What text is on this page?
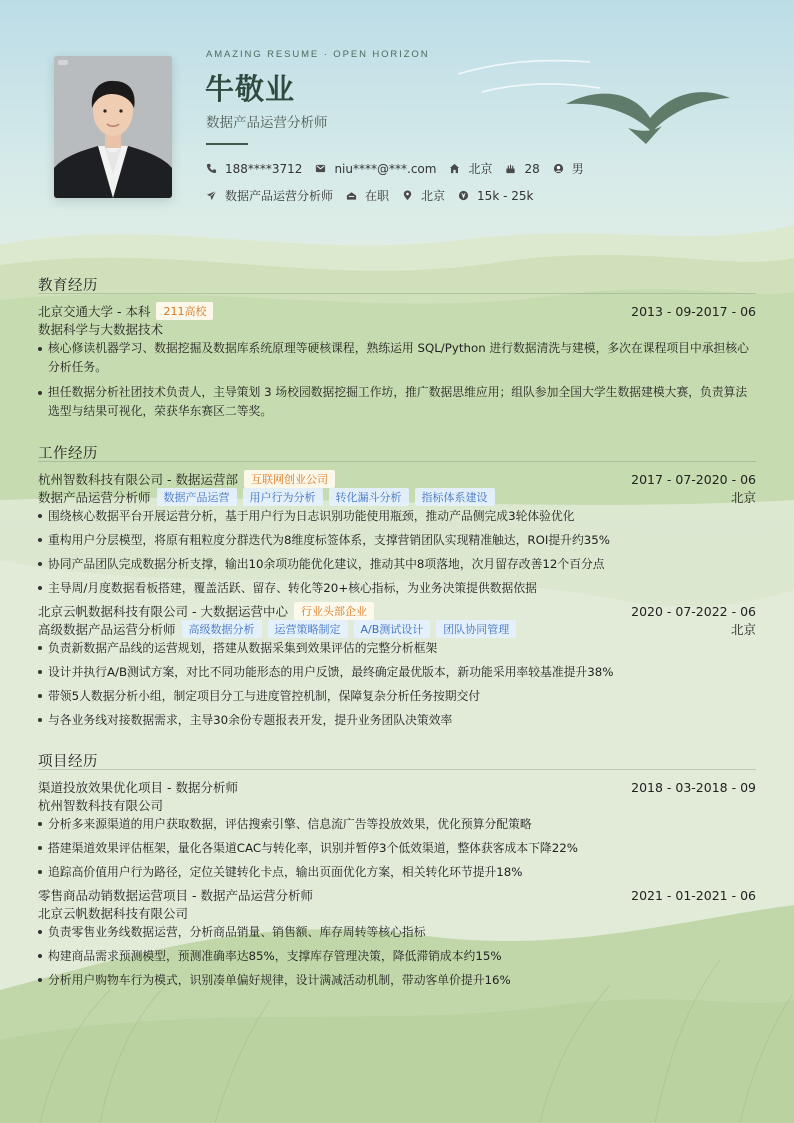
AMAZING RESUME · OPEN HORIZON
牛敬业
数据产品运营分析师
188****3712	niu****@***.com	北京	28	男
数据产品运营分析师	在职	北京	15k - 25k
教育经历
北京交通大学 - 本科	211高校	2013 - 09-2017 - 06
数据科学与大数据技术
核心修读机器学习、数据挖掘及数据库系统原理等硬核课程，熟练运用 SQL/Python 进行数据清洗与建模，多次在课程项目中承担核心分析任务。
担任数据分析社团技术负责人，主导策划 3 场校园数据挖掘工作坊，推广数据思维应用；组队参加全国大学生数据建模大赛，负责算法选型与结果可视化，荣获华东赛区二等奖。
工作经历
杭州智数科技有限公司 - 数据运营部	互联网创业公司	2017 - 07-2020 - 06
数据产品运营分析师	数据产品运营	用户行为分析	转化漏斗分析	指标体系建设	北京
围绕核心数据平台开展运营分析，基于用户行为日志识别功能使用瓶颈，推动产品侧完成3轮体验优化
重构用户分层模型，将原有粗粒度分群迭代为8维度标签体系，支撑营销团队实现精准触达，ROI提升约35%
协同产品团队完成数据分析支撑，输出10余项功能优化建议，推动其中8项落地，次月留存改善12个百分点
主导周/月度数据看板搭建，覆盖活跃、留存、转化等20+核心指标，为业务决策提供数据依据
北京云帆数据科技有限公司 - 大数据运营中心	行业头部企业	2020 - 07-2022 - 06
高级数据产品运营分析师	高级数据分析	运营策略制定	A/B测试设计	团队协同管理	北京
负责新数据产品线的运营规划，搭建从数据采集到效果评估的完整分析框架
设计并执行A/B测试方案，对比不同功能形态的用户反馈，最终确定最优版本，新功能采用率较基准提升38%
带领5人数据分析小组，制定项目分工与进度管控机制，保障复杂分析任务按期交付
与各业务线对接数据需求，主导30余份专题报表开发，提升业务团队决策效率
项目经历
渠道投放效果优化项目 - 数据分析师	2018 - 03-2018 - 09
杭州智数科技有限公司
分析多来源渠道的用户获取数据，评估搜索引擎、信息流广告等投放效果，优化预算分配策略
搭建渠道效果评估框架，量化各渠道CAC与转化率，识别并暂停3个低效渠道，整体获客成本下降22%
追踪高价值用户行为路径，定位关键转化卡点，输出页面优化方案，相关转化环节提升18%
零售商品动销数据运营项目 - 数据产品运营分析师	2021 - 01-2021 - 06
北京云帆数据科技有限公司
负责零售业务线数据运营，分析商品销量、销售额、库存周转等核心指标
构建商品需求预测模型，预测准确率达85%，支撑库存管理决策，降低滞销成本约15%
分析用户购物车行为模式，识别凑单偏好规律，设计满减活动机制，带动客单价提升16%
